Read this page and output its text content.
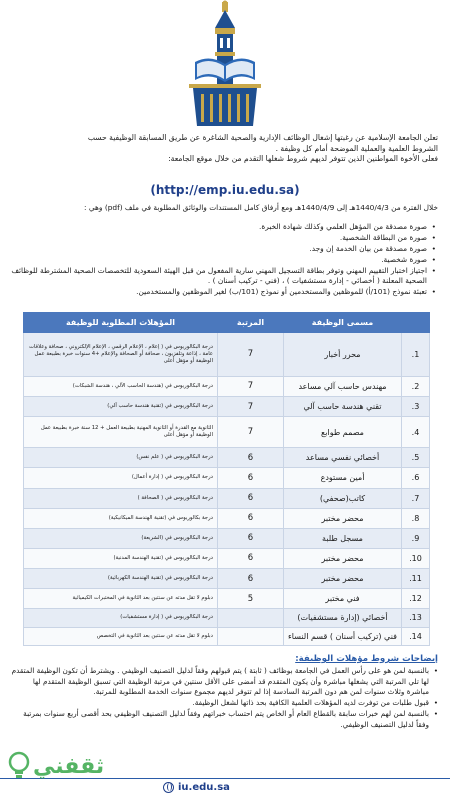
تعلن الجامعة الإسلامية عن رغبتها إشغال الوظائف الإدارية والصحية الشاغرة عن طريق المسابقة الوظيفية حسب

الشروط العلمية والعملية الموضحة أمام كل وظيفة .

فعلى الأخوة المواطنين الذين تتوفر لديهم شروط شغلها التقدم من خلال موقع الجامعة:

(http://emp.iu.edu.sa)
خلال الفترة من 1440/4/3هـ إلى 1440/4/9هـ ومع أرفاق كامل المستندات والوثائق المطلوبة في ملف (pdf) وهي :
• صورة مصدقة من المؤهل العلمي وكذلك شهادة الخبرة.
• صورة من البطاقة الشخصية.
• صورة مصدقة من بيان الخدمة إن وجد.
• صورة شخصية.
• اجتياز اختبار التقييم المهني وتوفر بطاقة التسجيل المهني سارية المفعول من قبل الهيئة السعودية للتخصصات الصحية المشترطة للوظائف الصحية المعلنة ( أخصائي - إدارة مستشفيات ) ، (فني - تركيب أسنان ) .
• تعبئة نموذج (101/أ) للموظفين والمستخدمين أو نموذج (101/ب) لغير الموظفين والمستخدمين.
	مسمى الوظيفة	المرتبة	المؤهلات المطلوبة للوظيفة
1.	محرر أخبار	7	درجة البكالوريوس في ( إعلام ، الإعلام الرقمي ، الإعلام الإلكتروني ، صحافة وعلاقات عامة ، إذاعة وتلفزيون ، صحافة أو الصحافة والإعلام +4 سنوات خبرة بطبيعة عمل الوظيفة أو مؤهل أعلى
2.	مهندس حاسب آلي مساعد	7	درجة البكالوريوس في (هندسة الحاسب الآلي ، هندسة الشبكات)
3.	تقني هندسة حاسب آلي	7	درجة البكالوريوس في (تقنية هندسة حاسب آلي)
4.	مصمم طوابع	7	الثانوية مع القدرة أو الثانوية المهنية بطبيعة العمل + 12 سنة خبرة بطبيعة عمل الوظيفة أو مؤهل أعلى
5.	أخصائي نفسي مساعد	6	درجة البكالوريوس في ( علم نفس)
6.	أمين مستودع	6	درجة البكالوريوس في ( إدارة أعمال)
7.	كاتب(صحفي)	6	درجة البكالوريوس في ( الصحافة )
8.	محضر مختبر	6	درجة بكالوريوس في (تقنية الهندسة الميكانيكية)
9.	مسجل طلبة	6	درجة البكالوريوس في (الشريعة)
10.	محضر مختبر	6	درجة البكالوريوس في (تقنية الهندسة المدنية)
11.	محضر مختبر	6	درجة البكالوريوس في (تقنية الهندسة الكهربائية)
12.	فني مختبر	5	دبلوم لا تقل مدته عن سنتين بعد الثانوية في المختبرات الكيميائية
13.	أخصائي (إدارة مستشفيات)		درجة البكالوريوس في ( إدارة مستشفيات)
14.	فني (تركيب أسنان ) قسم النساء		دبلوم لا تقل مدته عن سنتين بعد الثانوية في التخصص
إيضاحات شروط مؤهلات الوظيفة:
• بالنسبة لمن هو على رأس العمل في الجامعة بوظائف ( ثابتة ) يتم قبولهم وفقاً لدليل التصنيف الوظيفي . ويشترط أن تكون الوظيفة المتقدم لها تلي المرتبة التي يشغلها مباشرة وأن يكون المتقدم قد أمضى على الأقل سنتين في مرتبة الوظيفة التي تسبق الوظيفة المتقدم لها مباشرة وثلاث سنوات لمن هم دون المرتبة السادسة إذا لم تتوفر لديهم مجموع سنوات الخدمة المطلوبة للمرتبة.
• قبول طلبات من توفرت لديه المؤهلات العلمية الكافية بحد ذاتها لشغل الوظيفة.
• بالنسبة لمن لهم خبرات سابقة بالقطاع العام أو الخاص يتم احتساب خبراتهم وفقاً لدليل التصنيف الوظيفي بحد أقصى أربع سنوات بمرتبة وفقاً لدليل التصنيف الوظيفي.
iu.edu.sa
ثقفني
